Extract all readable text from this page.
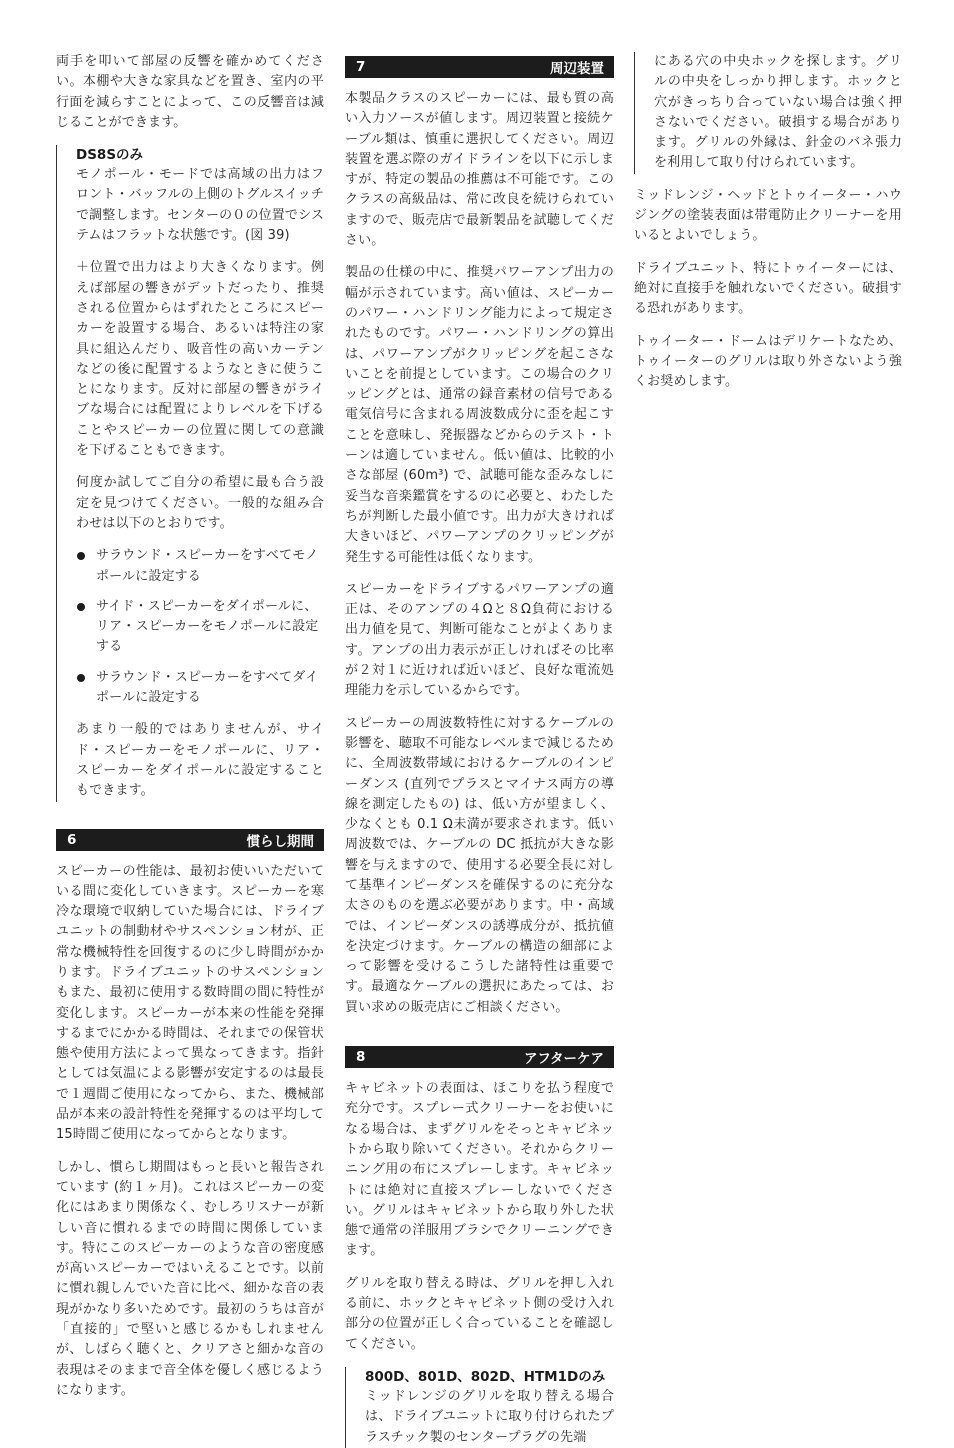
両手を叩いて部屋の反響を確かめてください。本棚や大きな家具などを置き、室内の平行面を減らすことによって、この反響音は減じることができます。

DS8Sのみ

モノポール・モードでは高域の出力はフロント・バッフルの上側のトグルスイッチで調整します。センターの０の位置でシステムはフラットな状態です。(図 39)

＋位置で出力はより大きくなります。例えば部屋の響きがデットだったり、推奨される位置からはずれたところにスピーカーを設置する場合、あるいは特注の家具に組込んだり、吸音性の高いカーテンなどの後に配置するようなときに使うことになります。反対に部屋の響きがライブな場合には配置によりレベルを下げることやスピーカーの位置に関しての意識を下げることもできます。

何度か試してご自分の希望に最も合う設定を見つけてください。一般的な組み合わせは以下のとおりです。

サラウンド・スピーカーをすべてモノポールに設定する
サイド・スピーカーをダイポールに、リア・スピーカーをモノポールに設定する
サラウンド・スピーカーをすべてダイポールに設定する

あまり一般的ではありませんが、サイド・スピーカーをモノポールに、リア・スピーカーをダイポールに設定することもできます。

6	慣らし期間

スピーカーの性能は、最初お使いいただいている間に変化していきます。スピーカーを寒冷な環境で収納していた場合には、ドライブユニットの制動材やサスペンション材が、正常な機械特性を回復するのに少し時間がかかります。ドライブユニットのサスペンションもまた、最初に使用する数時間の間に特性が変化します。スピーカーが本来の性能を発揮するまでにかかる時間は、それまでの保管状態や使用方法によって異なってきます。指針としては気温による影響が安定するのは最長で１週間ご使用になってから、また、機械部品が本来の設計特性を発揮するのは平均して15時間ご使用になってからとなります。

しかし、慣らし期間はもっと長いと報告されています (約１ヶ月)。これはスピーカーの変化にはあまり関係なく、むしろリスナーが新しい音に慣れるまでの時間に関係しています。特にこのスピーカーのような音の密度感が高いスピーカーではいえることです。以前に慣れ親しんでいた音に比べ、細かな音の表現がかなり多いためです。最初のうちは音が「直接的」で堅いと感じるかもしれませんが、しばらく聴くと、クリアさと細かな音の表現はそのままで音全体を優しく感じるようになります。

7	周辺装置

本製品クラスのスピーカーには、最も質の高い入力ソースが値します。周辺装置と接続ケーブル類は、慎重に選択してください。周辺装置を選ぶ際のガイドラインを以下に示しますが、特定の製品の推薦は不可能です。このクラスの高級品は、常に改良を続けられていますので、販売店で最新製品を試聴してください。

製品の仕様の中に、推奨パワーアンプ出力の幅が示されています。高い値は、スピーカーのパワー・ハンドリング能力によって規定されたものです。パワー・ハンドリングの算出は、パワーアンプがクリッピングを起こさないことを前提としています。この場合のクリッピングとは、通常の録音素材の信号である電気信号に含まれる周波数成分に歪を起こすことを意味し、発振器などからのテスト・トーンは適していません。低い値は、比較的小さな部屋 (60m³) で、試聴可能な歪みなしに妥当な音楽鑑賞をするのに必要と、わたしたちが判断した最小値です。出力が大きければ大きいほど、パワーアンプのクリッピングが発生する可能性は低くなります。

スピーカーをドライブするパワーアンプの適正は、そのアンプの４Ωと８Ω負荷における出力値を見て、判断可能なことがよくあります。アンプの出力表示が正しければその比率が２対１に近ければ近いほど、良好な電流処理能力を示しているからです。

スピーカーの周波数特性に対するケーブルの影響を、聴取不可能なレベルまで減じるために、全周波数帯域におけるケーブルのインピーダンス (直列でプラスとマイナス両方の導線を測定したもの) は、低い方が望ましく、少なくとも 0.1 Ω未満が要求されます。低い周波数では、ケーブルの DC 抵抗が大きな影響を与えますので、使用する必要全長に対して基準インピーダンスを確保するのに充分な太さのものを選ぶ必要があります。中・高域では、インピーダンスの誘導成分が、抵抗値を決定づけます。ケーブルの構造の細部によって影響を受けるこうした諸特性は重要です。最適なケーブルの選択にあたっては、お買い求めの販売店にご相談ください。

8	アフターケア

キャビネットの表面は、ほこりを払う程度で充分です。スプレー式クリーナーをお使いになる場合は、まずグリルをそっとキャビネットから取り除いてください。それからクリーニング用の布にスプレーします。キャビネットには絶対に直接スプレーしないでください。グリルはキャビネットから取り外した状態で通常の洋服用ブラシでクリーニングできます。

グリルを取り替える時は、グリルを押し入れる前に、ホックとキャビネット側の受け入れ部分の位置が正しく合っていることを確認してください。

800D、801D、802D、HTM1Dのみ

ミッドレンジのグリルを取り替える場合は、ドライブユニットに取り付けられたプラスチック製のセンタープラグの先端

にある穴の中央ホックを探します。グリルの中央をしっかり押します。ホックと穴がきっちり合っていない場合は強く押さないでください。破損する場合があります。グリルの外縁は、針金のバネ張力を利用して取り付けられています。

ミッドレンジ・ヘッドとトゥイーター・ハウジングの塗装表面は帯電防止クリーナーを用いるとよいでしょう。

ドライブユニット、特にトゥイーターには、絶対に直接手を触れないでください。破損する恐れがあります。

トゥイーター・ドームはデリケートなため、トゥイーターのグリルは取り外さないよう強くお奨めします。
